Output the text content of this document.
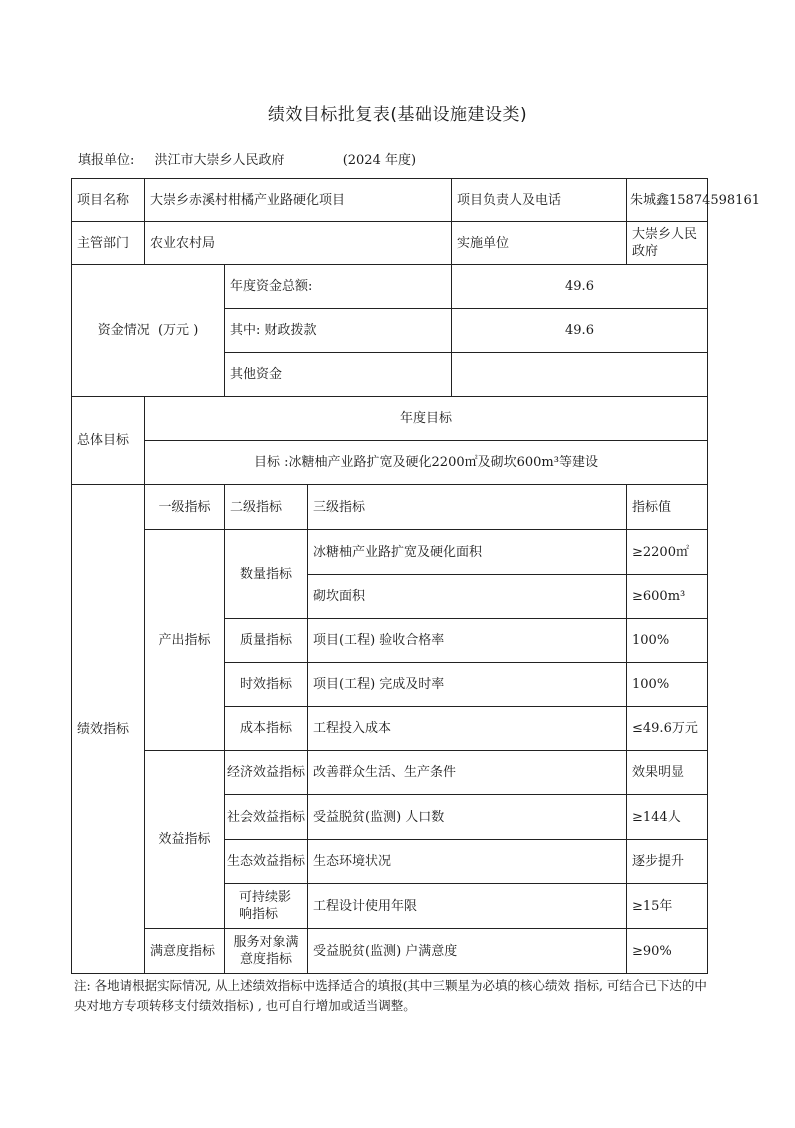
绩效目标批复表(基础设施建设类)
填报单位: 洪江市大崇乡人民政府	(2024 年度)
项目名称	大崇乡赤溪村柑橘产业路硬化项目			项目负责人及电话	朱城鑫15874598161
主管部门	农业农村局			实施单位	大崇乡人民政府
资金情况  (万元 )		年度资金总额:		49.6	
		其中: 财政拨款		49.6	
		其他资金			
总体目标	年度目标				
	目标 :冰糖柚产业路扩宽及硬化2200㎡及砌坎600m³等建设				
绩效指标	一级指标	二级指标	三级指标		指标值
	产出指标	数量指标	冰糖柚产业路扩宽及硬化面积		≥2200㎡
			砌坎面积		≥600m³
		质量指标	项目(工程) 验收合格率		100%
		时效指标	项目(工程) 完成及时率		100%
		成本指标	工程投入成本		≤49.6万元
	效益指标	经济效益指标	改善群众生活、生产条件		效果明显
		社会效益指标	受益脱贫(监测) 人口数		≥144人
		生态效益指标	生态环境状况		逐步提升
		可持续影响指标	工程设计使用年限		≥15年
	满意度指标	服务对象满意度指标	受益脱贫(监测) 户满意度		≥90%
注: 各地请根据实际情况, 从上述绩效指标中选择适合的填报(其中三颗星为必填的核心绩效 指标, 可结合已下达的中央对地方专项转移支付绩效指标) , 也可自行增加或适当调整。
